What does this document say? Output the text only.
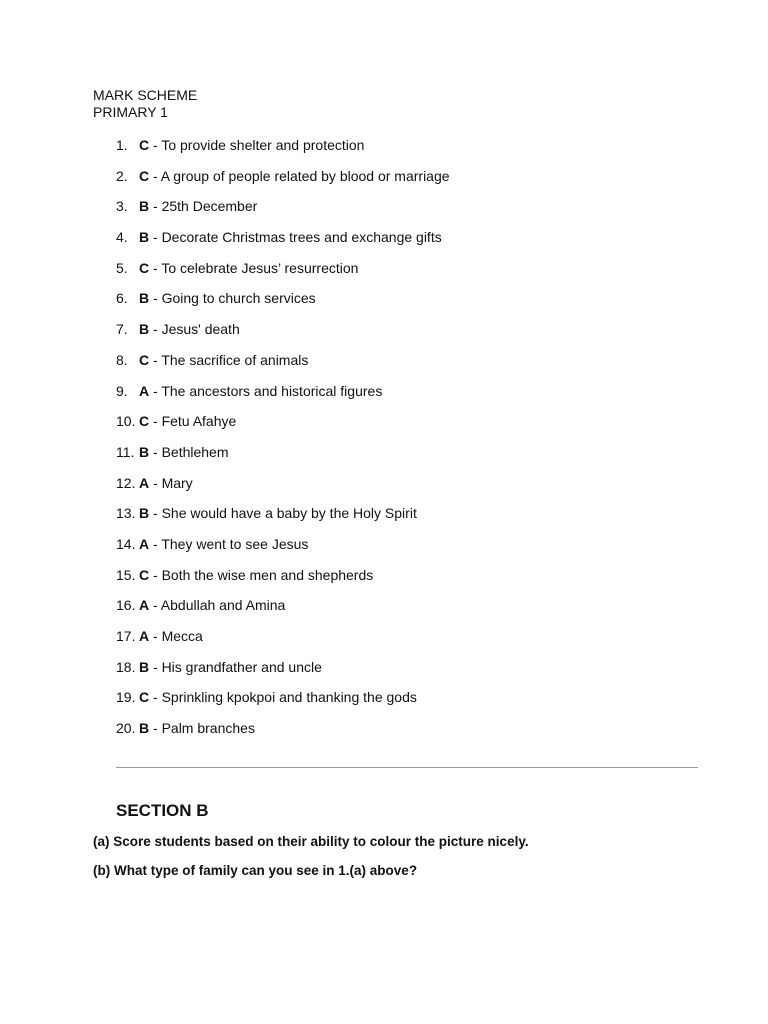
MARK SCHEME
PRIMARY 1
1. C - To provide shelter and protection
2. C - A group of people related by blood or marriage
3. B - 25th December
4. B - Decorate Christmas trees and exchange gifts
5. C - To celebrate Jesus’ resurrection
6. B - Going to church services
7. B - Jesus' death
8. C - The sacrifice of animals
9. A - The ancestors and historical figures
10. C - Fetu Afahye
11. B - Bethlehem
12. A - Mary
13. B - She would have a baby by the Holy Spirit
14. A - They went to see Jesus
15. C - Both the wise men and shepherds
16. A - Abdullah and Amina
17. A - Mecca
18. B - His grandfather and uncle
19. C - Sprinkling kpokpoi and thanking the gods
20. B - Palm branches
SECTION B
(a) Score students based on their ability to colour the picture nicely.
(b) What type of family can you see in 1.(a) above?
